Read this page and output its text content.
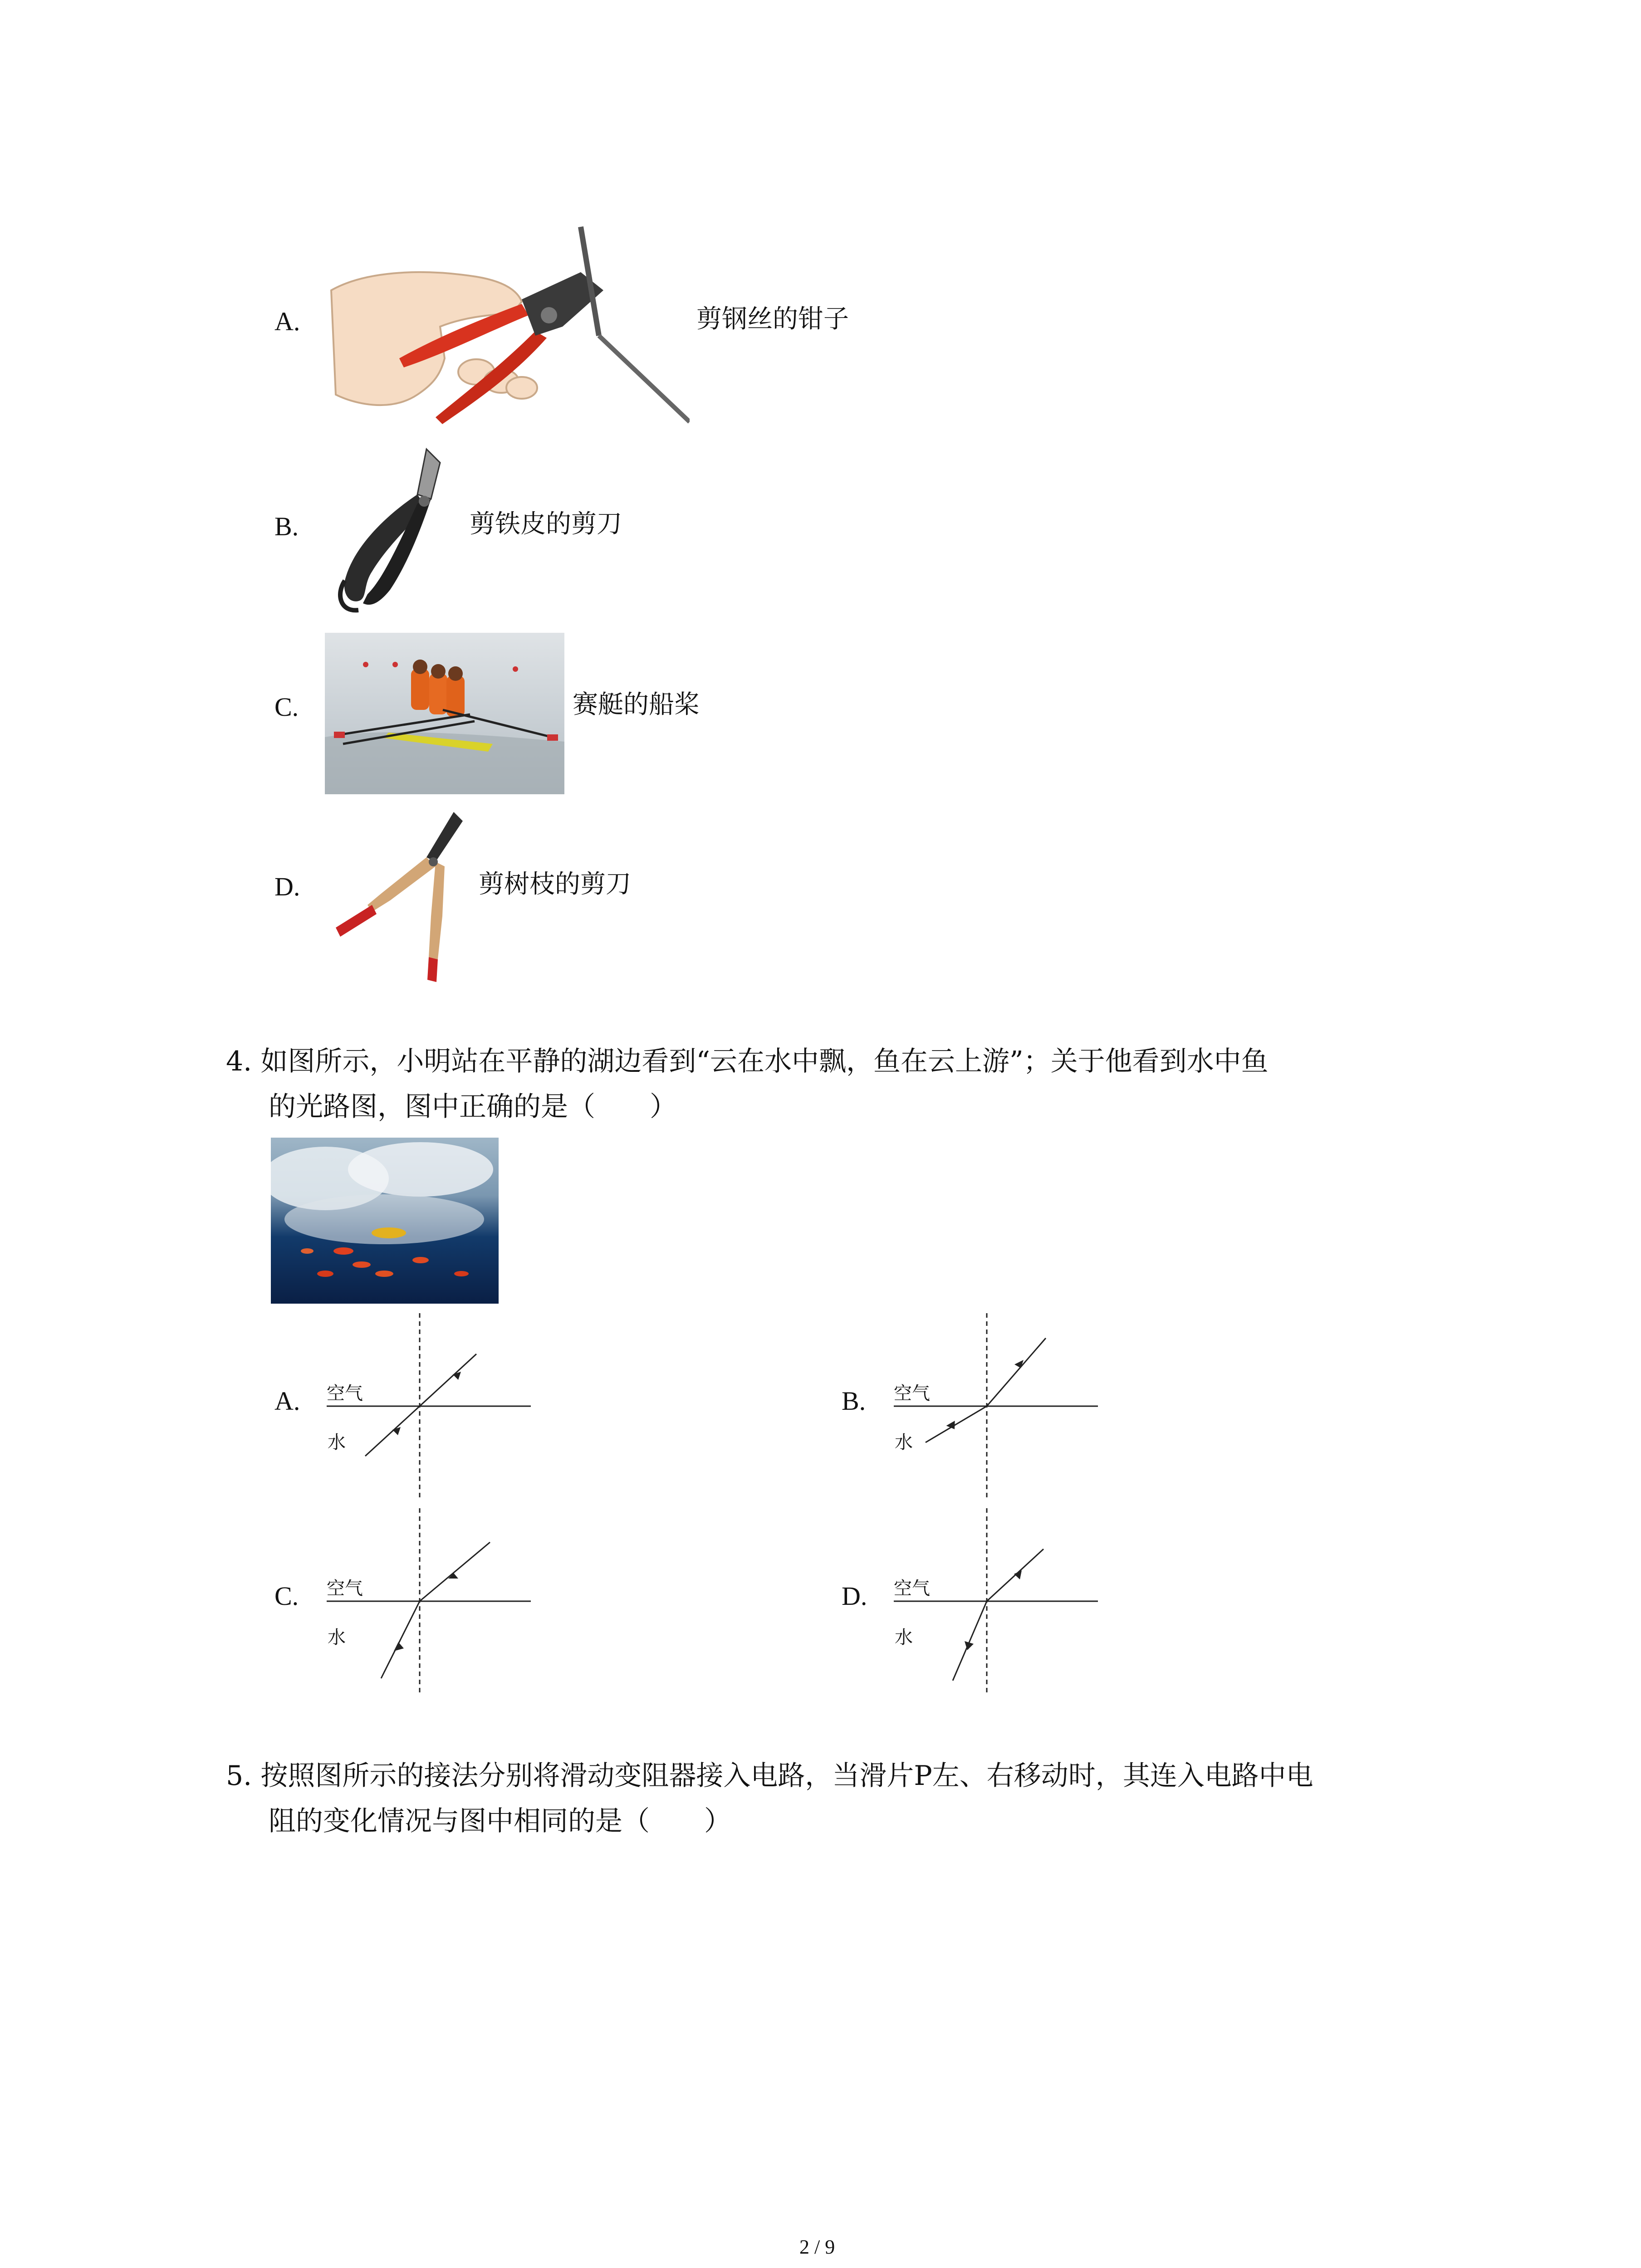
A.	剪钢丝的钳子
B.	剪铁皮的剪刀
C.	赛艇的船桨
D.	剪树枝的剪刀
4. 如图所示，小明站在平静的湖边看到“云在水中飘，鱼在云上游”；关于他看到水中鱼
的光路图，图中正确的是（　　）
A. 空气
水
B. 空气
水
C. 空气
水
D. 空气
水
5. 按照图所示的接法分别将滑动变阻器接入电路，当滑片P左、右移动时，其连入电路中电
阻的变化情况与图中相同的是（　　）
2 / 9
